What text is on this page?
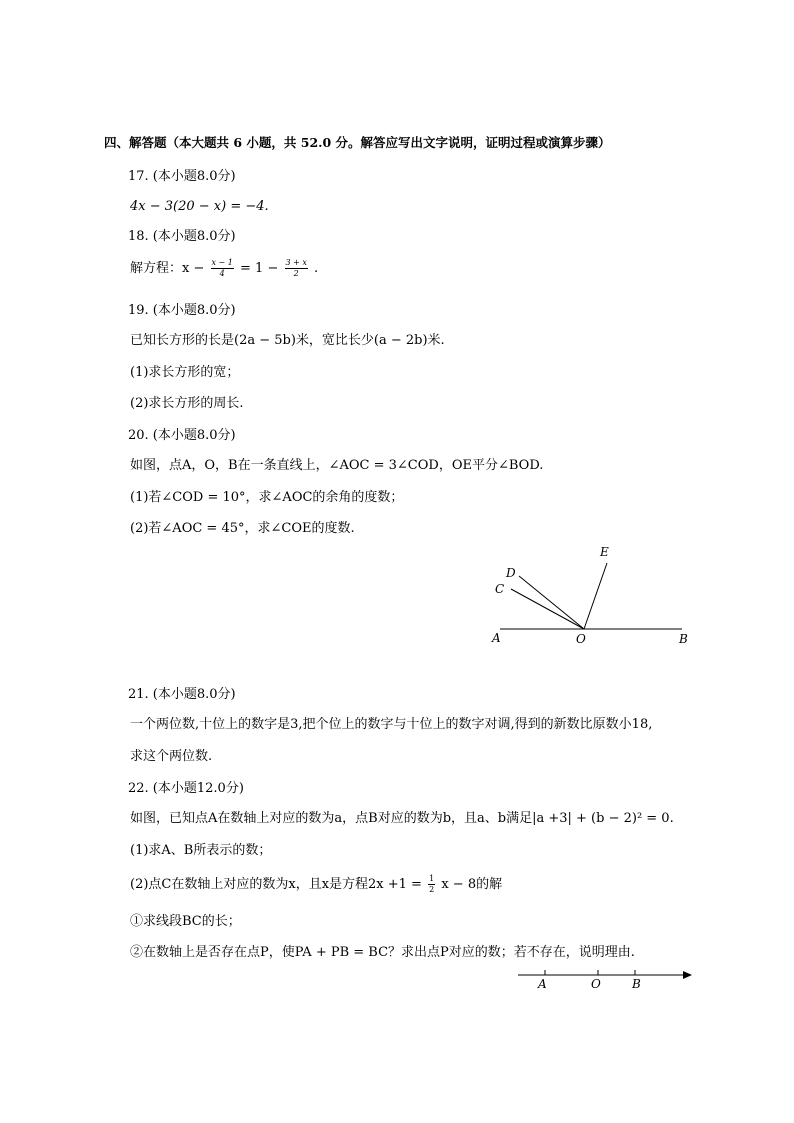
四、解答题（本大题共 6 小题，共 52.0 分。解答应写出文字说明，证明过程或演算步骤）
17. (本小题8.0分)
4x − 3(20 − x) = −4.
18. (本小题8.0分)
解方程：$x - \frac{x - 1}{4} = 1 - \frac{3 + x}{2}$ .
19. (本小题8.0分)
已知长方形的长是(2a − 5b)米，宽比长少(a − 2b)米.
(1)求长方形的宽；
(2)求长方形的周长.
20. (本小题8.0分)
如图，点A，O，B在一条直线上，∠AOC = 3∠COD，OE平分∠BOD.
(1)若∠COD = 10°，求∠AOC的余角的度数；
(2)若∠AOC = 45°，求∠COE的度数.
A	O	B
C
D
E
21. (本小题8.0分)
一个两位数,十位上的数字是3,把个位上的数字与十位上的数字对调,得到的新数比原数小18,
求这个两位数.
22. (本小题12.0分)
如图，已知点A在数轴上对应的数为a，点B对应的数为b，且a、b满足|a +3| + (b − 2)² = 0.
(1)求A、B所表示的数；
(2)点C在数轴上对应的数为x，且x是方程$2x +1 = \frac{1}{2}$ x − 8的解
①求线段BC的长；
②在数轴上是否存在点P，使PA + PB = BC？求出点P对应的数；若不存在，说明理由.
A	O	B
